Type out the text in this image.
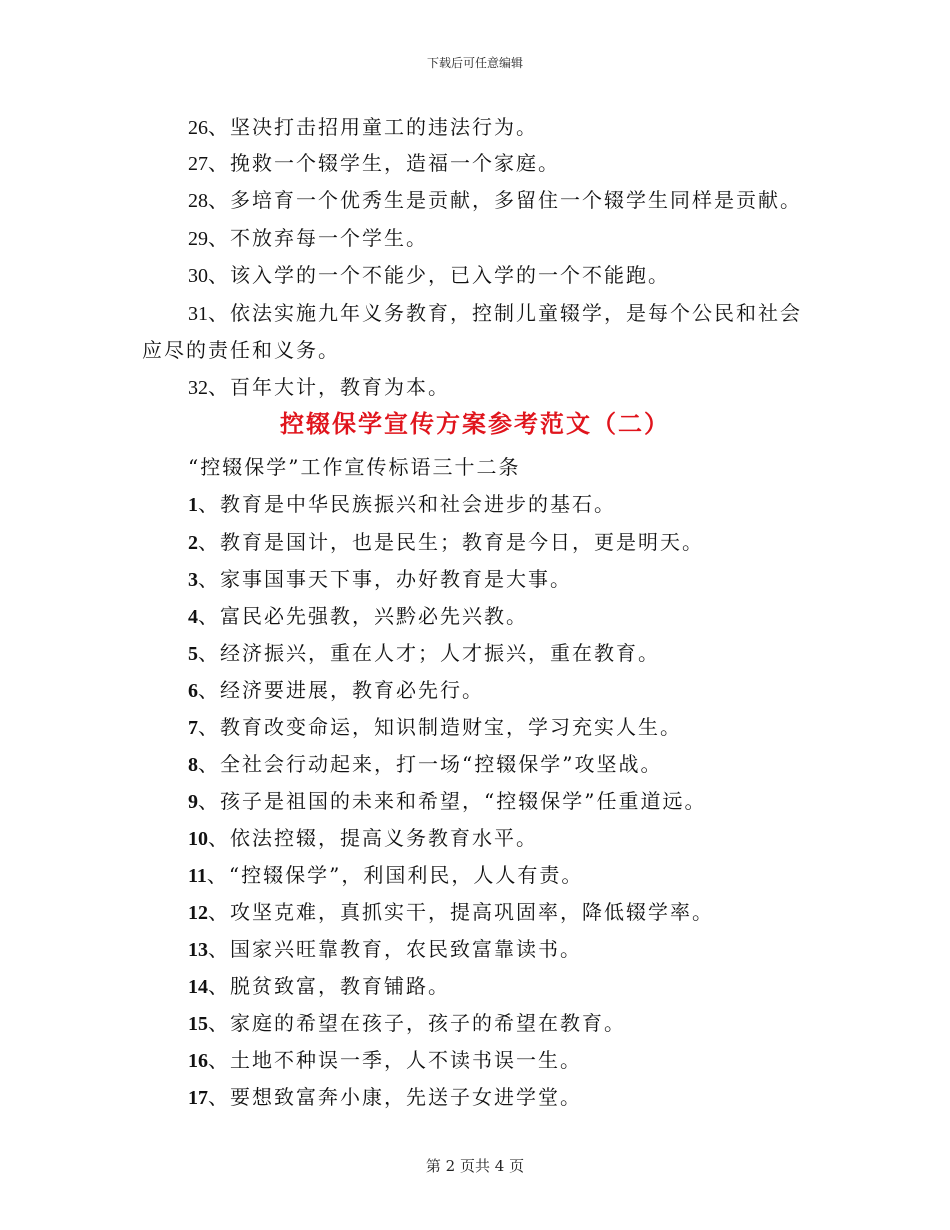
下载后可任意编辑
26、坚决打击招用童工的违法行为。
27、挽救一个辍学生，造福一个家庭。
28、多培育一个优秀生是贡献，多留住一个辍学生同样是贡献。
29、不放弃每一个学生。
30、该入学的一个不能少，已入学的一个不能跑。
31、依法实施九年义务教育，控制儿童辍学，是每个公民和社会
应尽的责任和义务。
32、百年大计，教育为本。
控辍保学宣传方案参考范文（二）
“控辍保学”工作宣传标语三十二条
1、教育是中华民族振兴和社会进步的基石。
2、教育是国计，也是民生；教育是今日，更是明天。
3、家事国事天下事，办好教育是大事。
4、富民必先强教，兴黔必先兴教。
5、经济振兴，重在人才；人才振兴，重在教育。
6、经济要进展，教育必先行。
7、教育改变命运，知识制造财宝，学习充实人生。
8、全社会行动起来，打一场“控辍保学”攻坚战。
9、孩子是祖国的未来和希望，“控辍保学”任重道远。
10、依法控辍，提高义务教育水平。
11、“控辍保学”，利国利民，人人有责。
12、攻坚克难，真抓实干，提高巩固率，降低辍学率。
13、国家兴旺靠教育，农民致富靠读书。
14、脱贫致富，教育铺路。
15、家庭的希望在孩子，孩子的希望在教育。
16、土地不种误一季，人不读书误一生。
17、要想致富奔小康，先送子女进学堂。
第 2 页共 4 页
